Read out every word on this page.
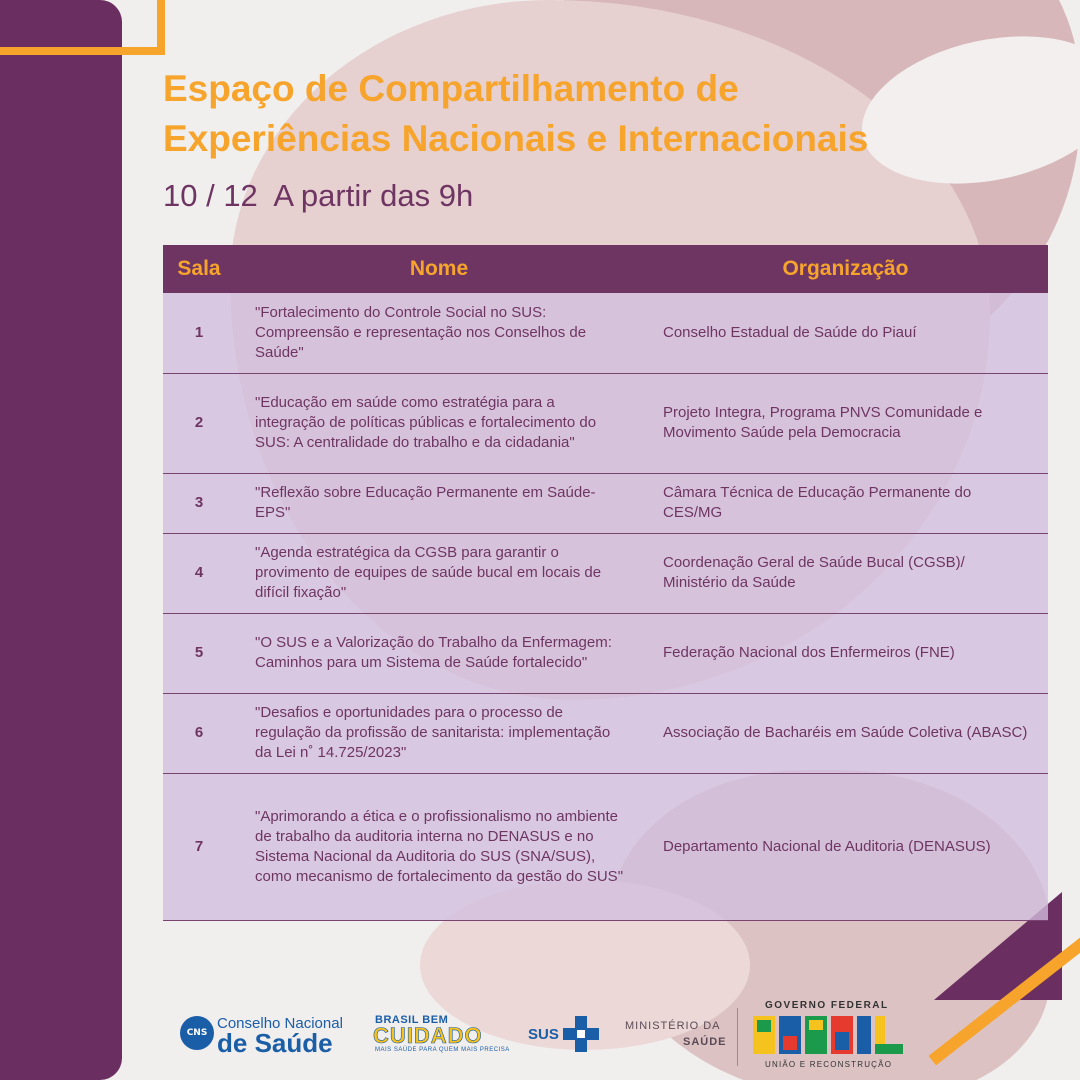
Espaço de Compartilhamento de
Experiências Nacionais e Internacionais
10 / 12  A partir das 9h
Sala	Nome	Organização
1	"Fortalecimento do Controle Social no SUS: Compreensão e representação nos Conselhos de Saúde"	Conselho Estadual de Saúde do Piauí
2	"Educação em saúde como estratégia para a integração de políticas públicas e fortalecimento do SUS: A centralidade do trabalho e da cidadania"	Projeto Integra, Programa PNVS Comunidade e Movimento Saúde pela Democracia
3	"Reflexão sobre Educação Permanente em Saúde-EPS"	Câmara Técnica de Educação Permanente do CES/MG
4	"Agenda estratégica da CGSB para garantir o provimento de equipes de saúde bucal em locais de difícil fixação"	Coordenação Geral de Saúde Bucal (CGSB)/ Ministério da Saúde
5	"O SUS e a Valorização do Trabalho da Enfermagem: Caminhos para um Sistema de Saúde fortalecido"	Federação Nacional dos Enfermeiros (FNE)
6	"Desafios e oportunidades para o processo de regulação da profissão de sanitarista: implementação da Lei n˚ 14.725/2023"	Associação de Bacharéis em Saúde Coletiva (ABASC)
7	"Aprimorando a ética e o profissionalismo no ambiente de trabalho da auditoria interna no DENASUS e no Sistema Nacional da Auditoria do SUS (SNA/SUS), como mecanismo de fortalecimento da gestão do SUS"	Departamento Nacional de Auditoria (DENASUS)
CNS
Conselho Nacional
de Saúde
BRASIL BEM
CUIDADO
MAIS SAÚDE PARA QUEM MAIS PRECISA
SUS	MINISTÉRIO DA
SAÚDE
GOVERNO FEDERAL
UNIÃO E RECONSTRUÇÃO
